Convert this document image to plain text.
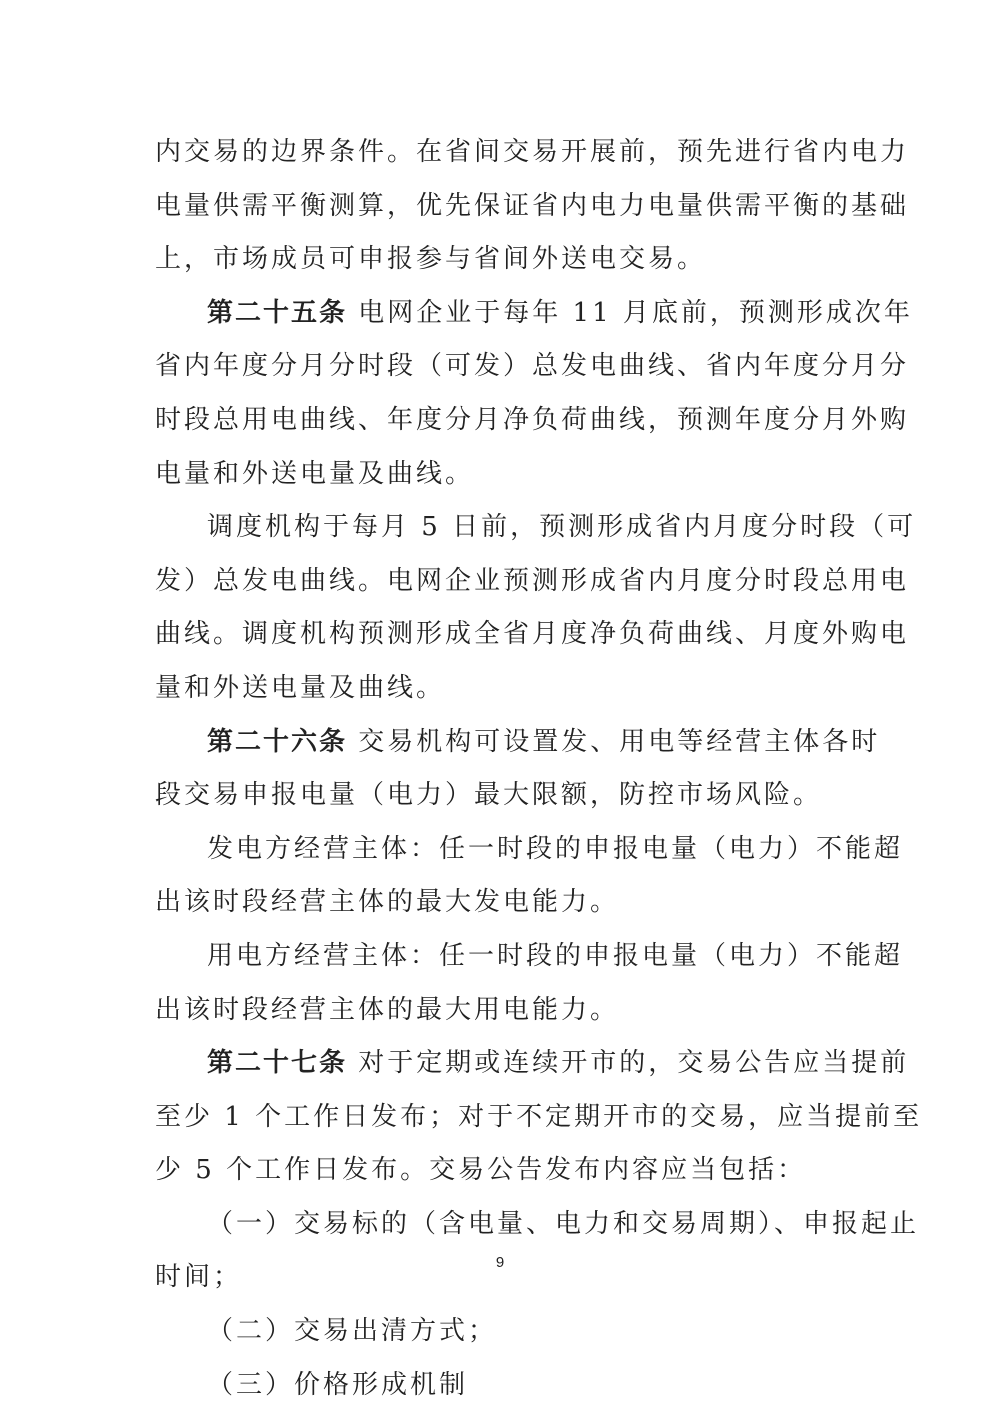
内交易的边界条件。在省间交易开展前，预先进行省内电力
电量供需平衡测算，优先保证省内电力电量供需平衡的基础
上，市场成员可申报参与省间外送电交易。
第二十五条 电网企业于每年 11 月底前，预测形成次年
省内年度分月分时段（可发）总发电曲线、省内年度分月分
时段总用电曲线、年度分月净负荷曲线，预测年度分月外购
电量和外送电量及曲线。
调度机构于每月 5 日前，预测形成省内月度分时段（可
发）总发电曲线。电网企业预测形成省内月度分时段总用电
曲线。调度机构预测形成全省月度净负荷曲线、月度外购电
量和外送电量及曲线。
第二十六条 交易机构可设置发、用电等经营主体各时
段交易申报电量（电力）最大限额，防控市场风险。
发电方经营主体：任一时段的申报电量（电力）不能超
出该时段经营主体的最大发电能力。
用电方经营主体：任一时段的申报电量（电力）不能超
出该时段经营主体的最大用电能力。
第二十七条 对于定期或连续开市的，交易公告应当提前
至少 1 个工作日发布；对于不定期开市的交易，应当提前至
少 5 个工作日发布。交易公告发布内容应当包括：
（一）交易标的（含电量、电力和交易周期）、申报起止
时间；
（二）交易出清方式；
（三）价格形成机制
9
